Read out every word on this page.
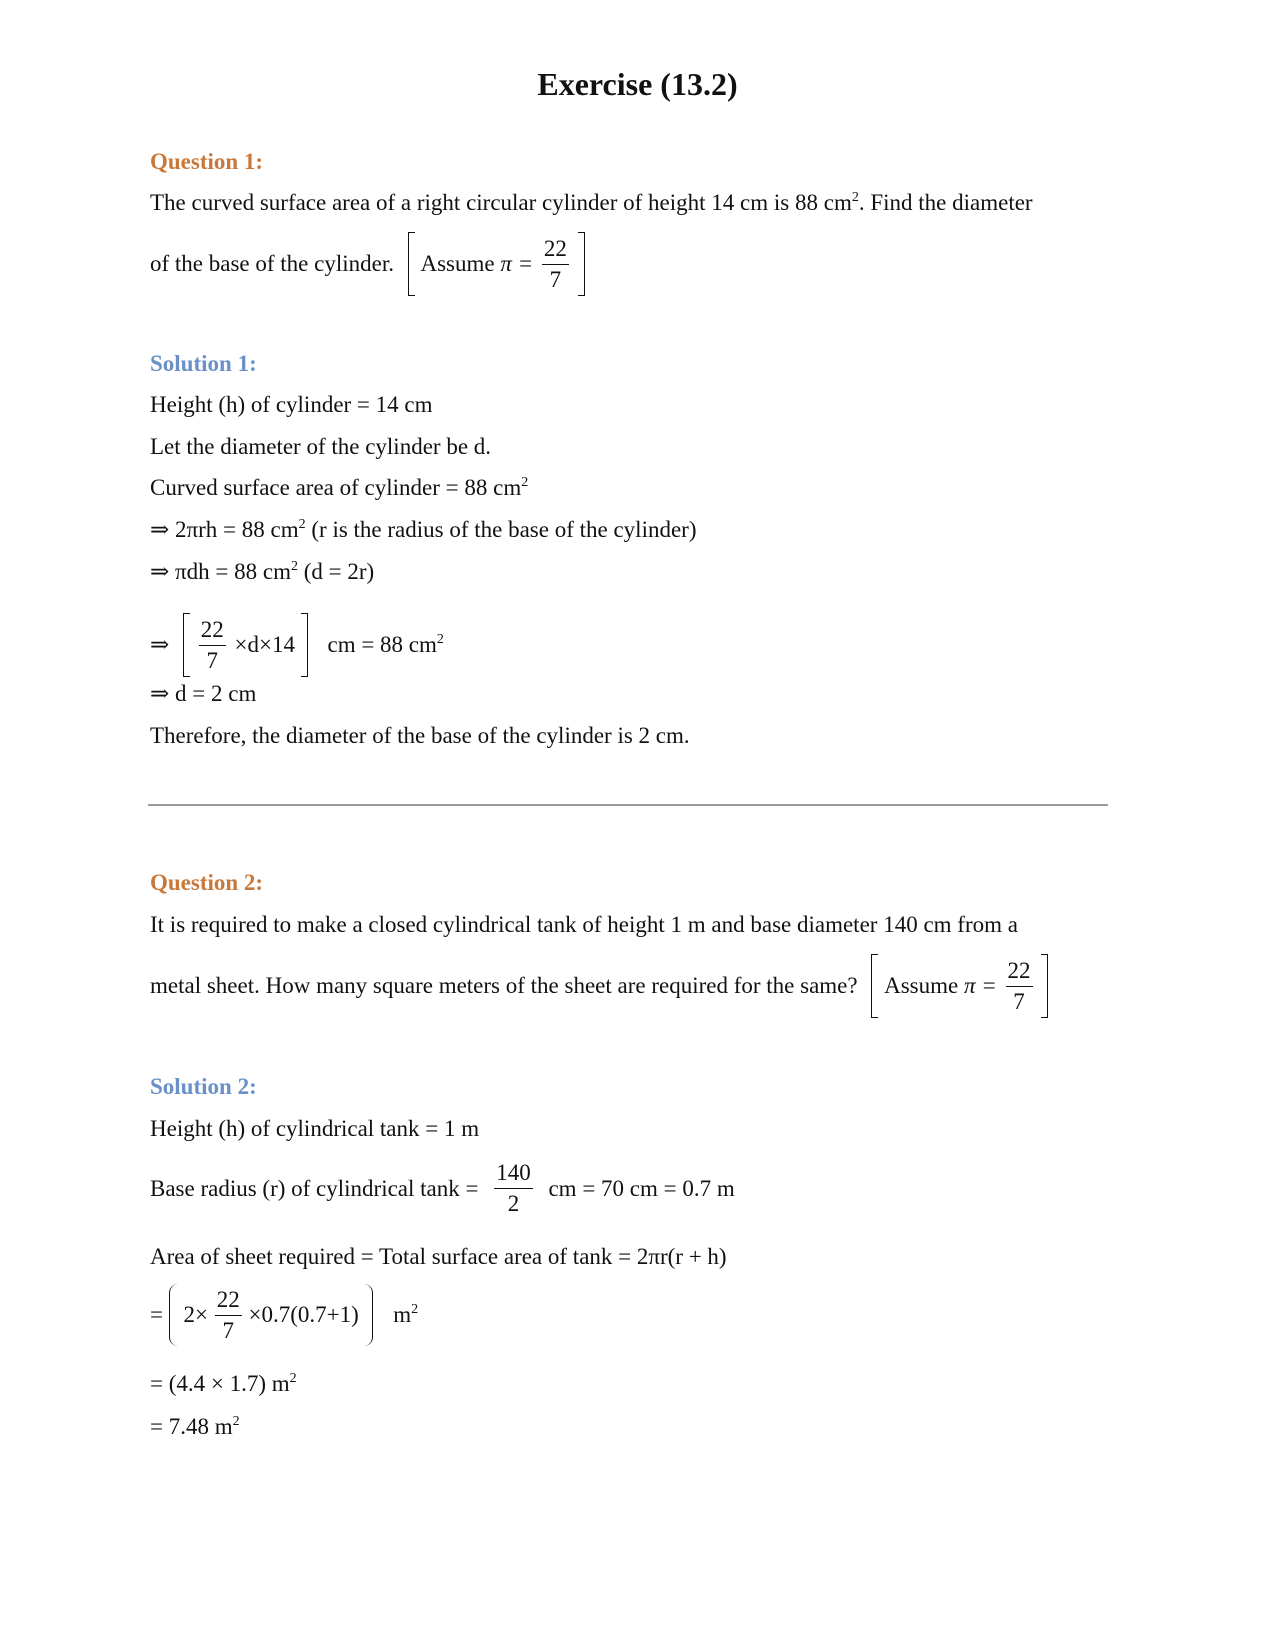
Exercise (13.2)
Question 1:
The curved surface area of a right circular cylinder of height 14 cm is 88 $cm^2$. Find the diameter
of the base of the cylinder. Assume $\pi = \frac{22}{7}$

Solution 1:
Height (h) of cylinder = 14 cm
Let the diameter of the cylinder be d.
Curved surface area of cylinder = 88 $cm^2$
⇒ 2πrh = 88 $cm^2$ (r is the radius of the base of the cylinder)
⇒ πdh = 88 $cm^2$ (d = 2r)
⇒ $\frac{22}{7} \times d\times 14$ cm = 88 $cm^2$
⇒ d = 2 cm
Therefore, the diameter of the base of the cylinder is 2 cm.
Question 2:
It is required to make a closed cylindrical tank of height 1 m and base diameter 140 cm from a
metal sheet. How many square meters of the sheet are required for the same? Assume $\pi = \frac{22}{7}$

Solution 2:
Height (h) of cylindrical tank = 1 m
Base radius (r) of cylindrical $\tan k = \frac{140}{2}$ cm = 70 cm = 0.7 m
Area of sheet required = Total surface area of tank = 2πr(r + h)
= $2\times \frac{22}{7} \times 0.7(0.7+1)$ $m^2$
= (4.4 × 1.7) $m^2$
= 7.48 $m^2$
